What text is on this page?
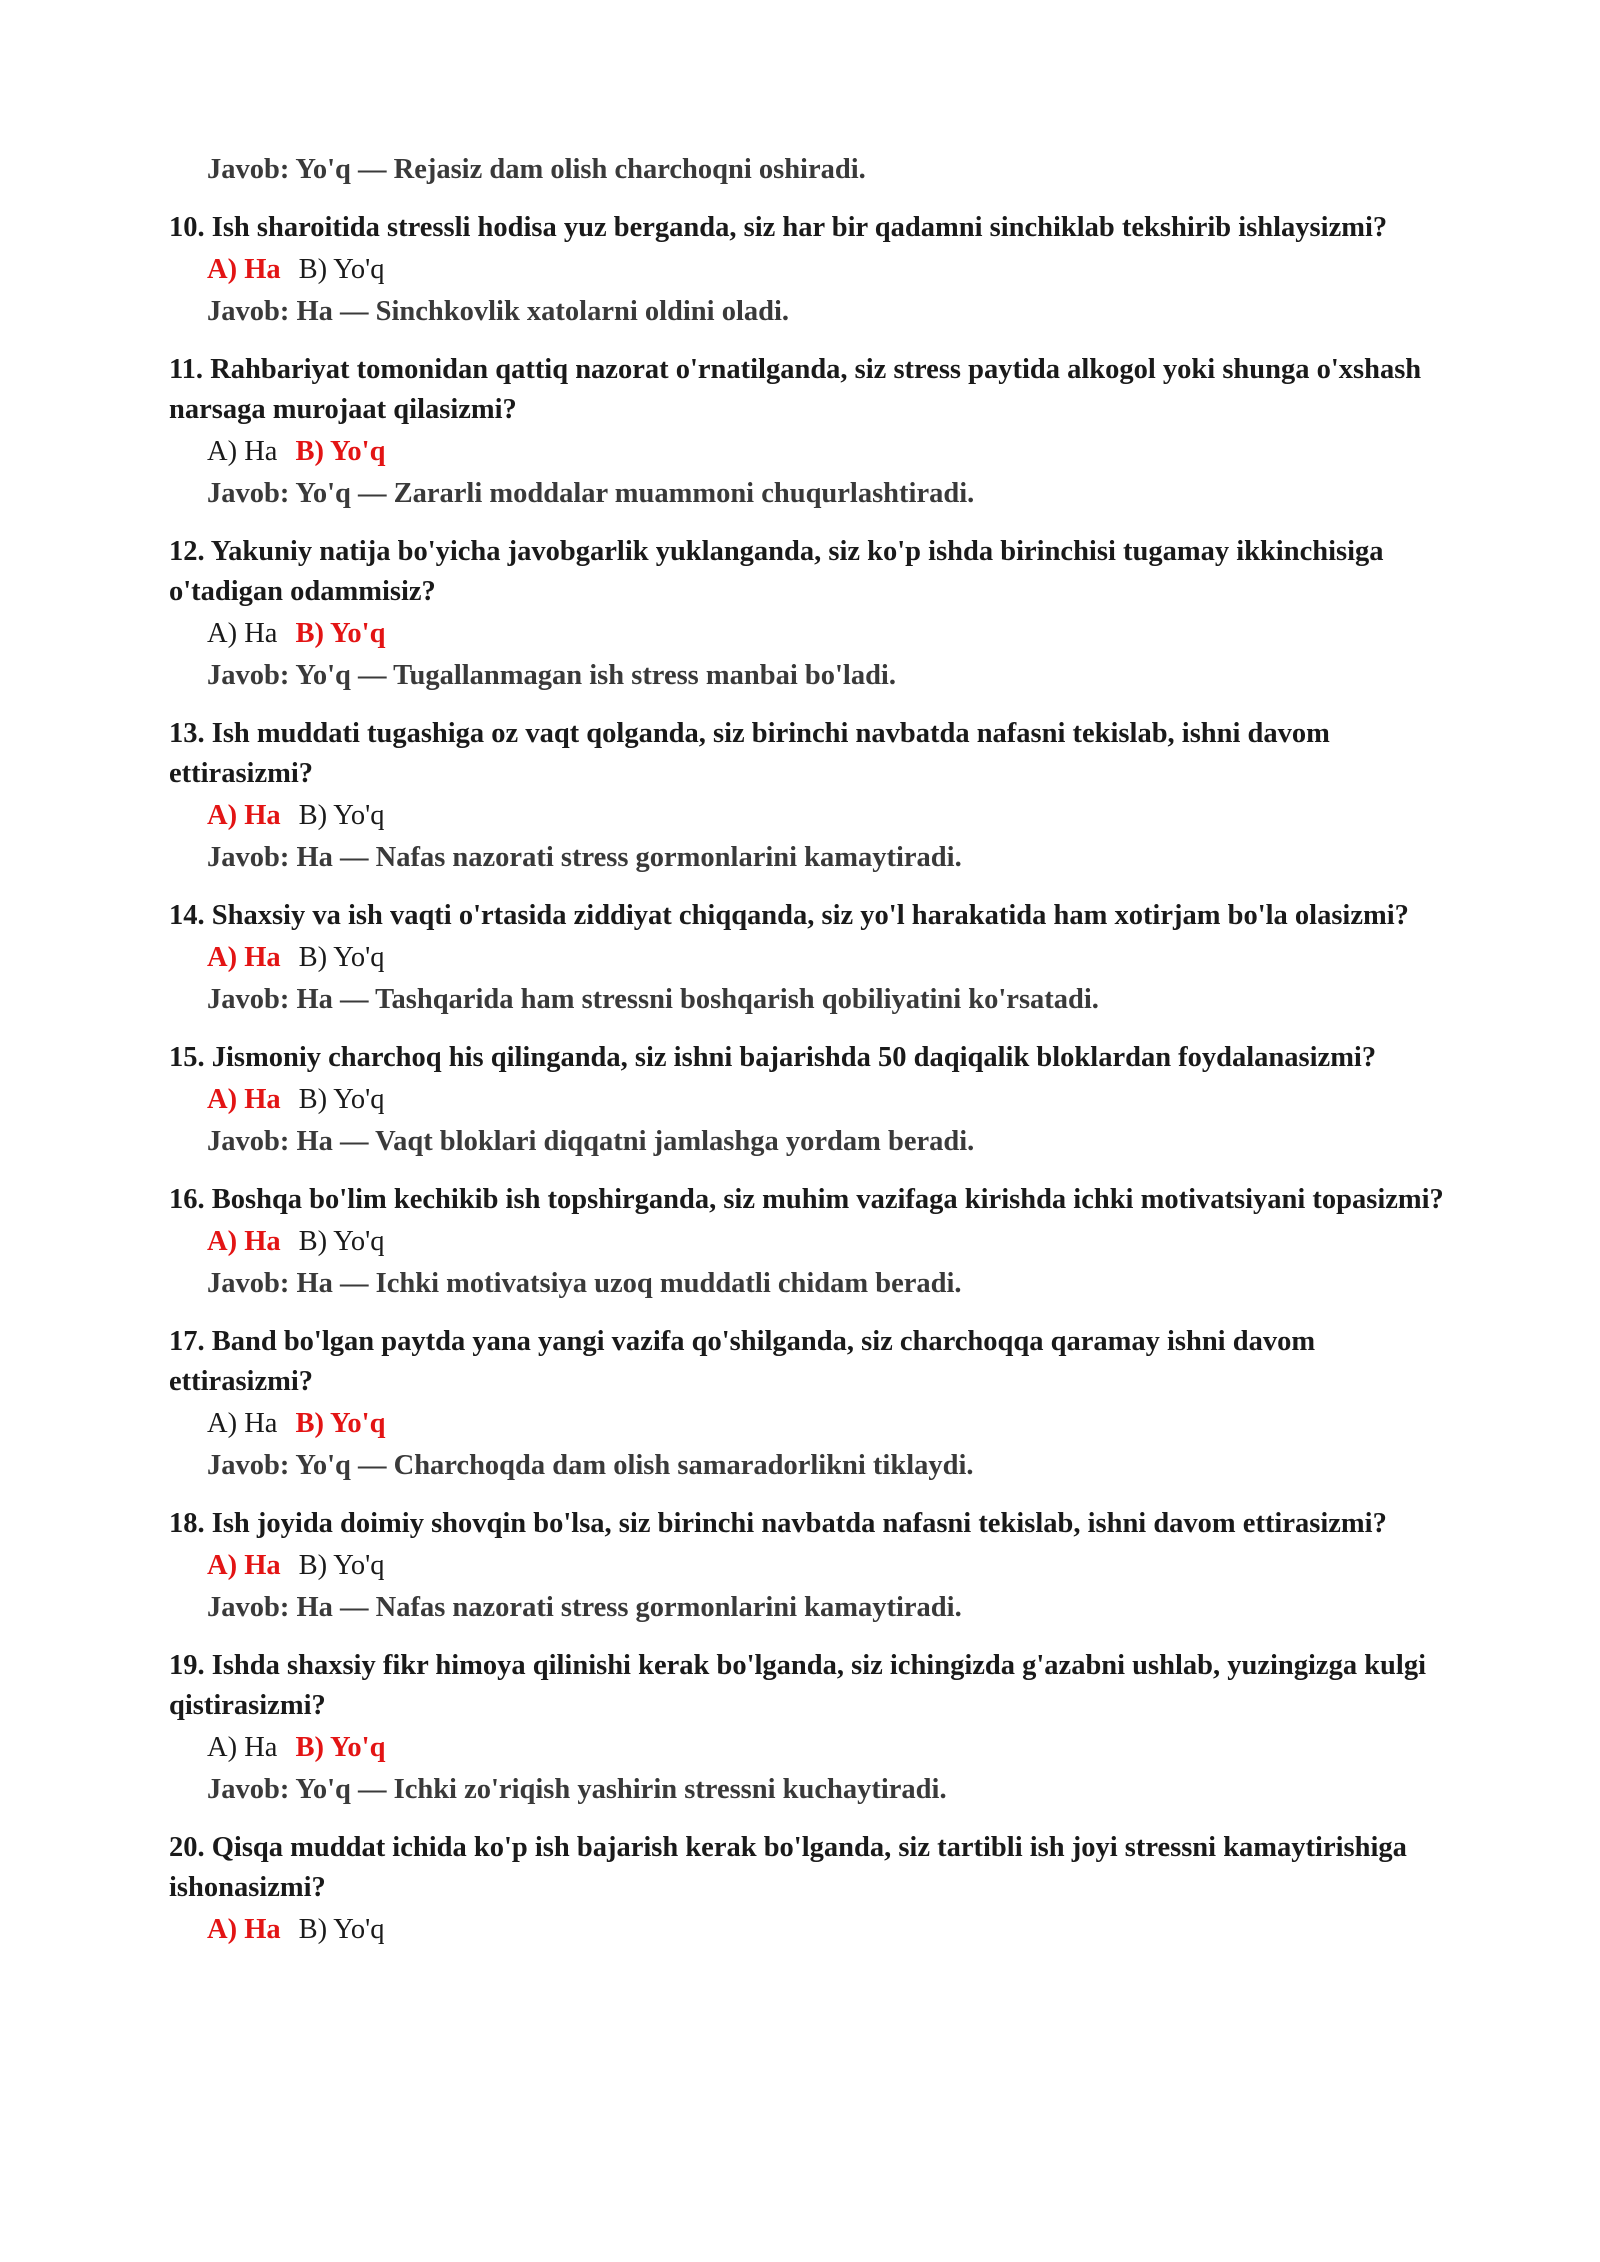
Javob: Yo'q — Rejasiz dam olish charchoqni oshiradi.
10. Ish sharoitida stressli hodisa yuz berganda, siz har bir qadamni sinchiklab tekshirib ishlaysizmi?
A) Ha B) Yo'q
Javob: Ha — Sinchkovlik xatolarni oldini oladi.
11. Rahbariyat tomonidan qattiq nazorat o'rnatilganda, siz stress paytida alkogol yoki shunga o'xshash narsaga murojaat qilasizmi?
A) Ha B) Yo'q
Javob: Yo'q — Zararli moddalar muammoni chuqurlashtiradi.
12. Yakuniy natija bo'yicha javobgarlik yuklanganda, siz ko'p ishda birinchisi tugamay ikkinchisiga o'tadigan odammisiz?
A) Ha B) Yo'q
Javob: Yo'q — Tugallanmagan ish stress manbai bo'ladi.
13. Ish muddati tugashiga oz vaqt qolganda, siz birinchi navbatda nafasni tekislab, ishni davom ettirasizmi?
A) Ha B) Yo'q
Javob: Ha — Nafas nazorati stress gormonlarini kamaytiradi.
14. Shaxsiy va ish vaqti o'rtasida ziddiyat chiqqanda, siz yo'l harakatida ham xotirjam bo'la olasizmi?
A) Ha B) Yo'q
Javob: Ha — Tashqarida ham stressni boshqarish qobiliyatini ko'rsatadi.
15. Jismoniy charchoq his qilinganda, siz ishni bajarishda 50 daqiqalik bloklardan foydalanasizmi?
A) Ha B) Yo'q
Javob: Ha — Vaqt bloklari diqqatni jamlashga yordam beradi.
16. Boshqa bo'lim kechikib ish topshirganda, siz muhim vazifaga kirishda ichki motivatsiyani topasizmi?
A) Ha B) Yo'q
Javob: Ha — Ichki motivatsiya uzoq muddatli chidam beradi.
17. Band bo'lgan paytda yana yangi vazifa qo'shilganda, siz charchoqqa qaramay ishni davom ettirasizmi?
A) Ha B) Yo'q
Javob: Yo'q — Charchoqda dam olish samaradorlikni tiklaydi.
18. Ish joyida doimiy shovqin bo'lsa, siz birinchi navbatda nafasni tekislab, ishni davom ettirasizmi?
A) Ha B) Yo'q
Javob: Ha — Nafas nazorati stress gormonlarini kamaytiradi.
19. Ishda shaxsiy fikr himoya qilinishi kerak bo'lganda, siz ichingizda g'azabni ushlab, yuzingizga kulgi qistirasizmi?
A) Ha B) Yo'q
Javob: Yo'q — Ichki zo'riqish yashirin stressni kuchaytiradi.
20. Qisqa muddat ichida ko'p ish bajarish kerak bo'lganda, siz tartibli ish joyi stressni kamaytirishiga ishonasizmi?
A) Ha B) Yo'q
